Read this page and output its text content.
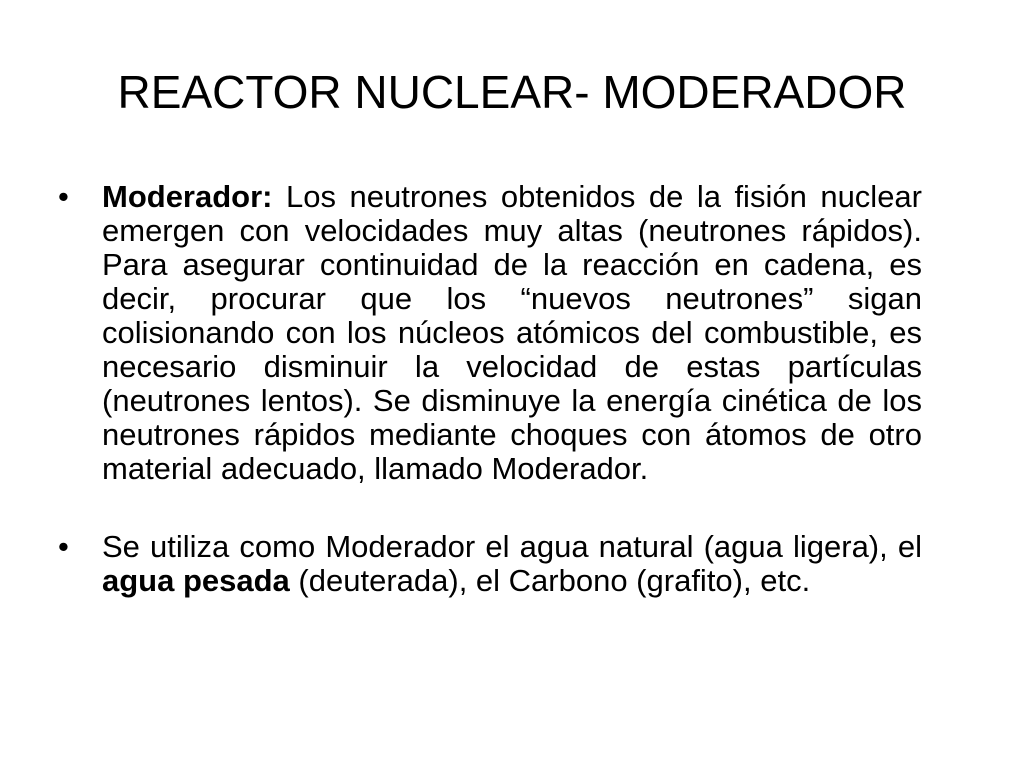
REACTOR NUCLEAR- MODERADOR
•	Moderador: Los neutrones obtenidos de la fisión nuclear emergen con velocidades muy altas (neutrones rápidos). Para asegurar continuidad de la reacción en cadena, es decir, procurar que los “nuevos neutrones” sigan colisionando con los núcleos atómicos del combustible, es necesario disminuir la velocidad de estas partículas (neutrones lentos). Se disminuye la energía cinética de los neutrones rápidos mediante choques con átomos de otro material adecuado, llamado Moderador.
•	Se utiliza como Moderador el agua natural (agua ligera), el agua pesada (deuterada), el Carbono (grafito), etc.
